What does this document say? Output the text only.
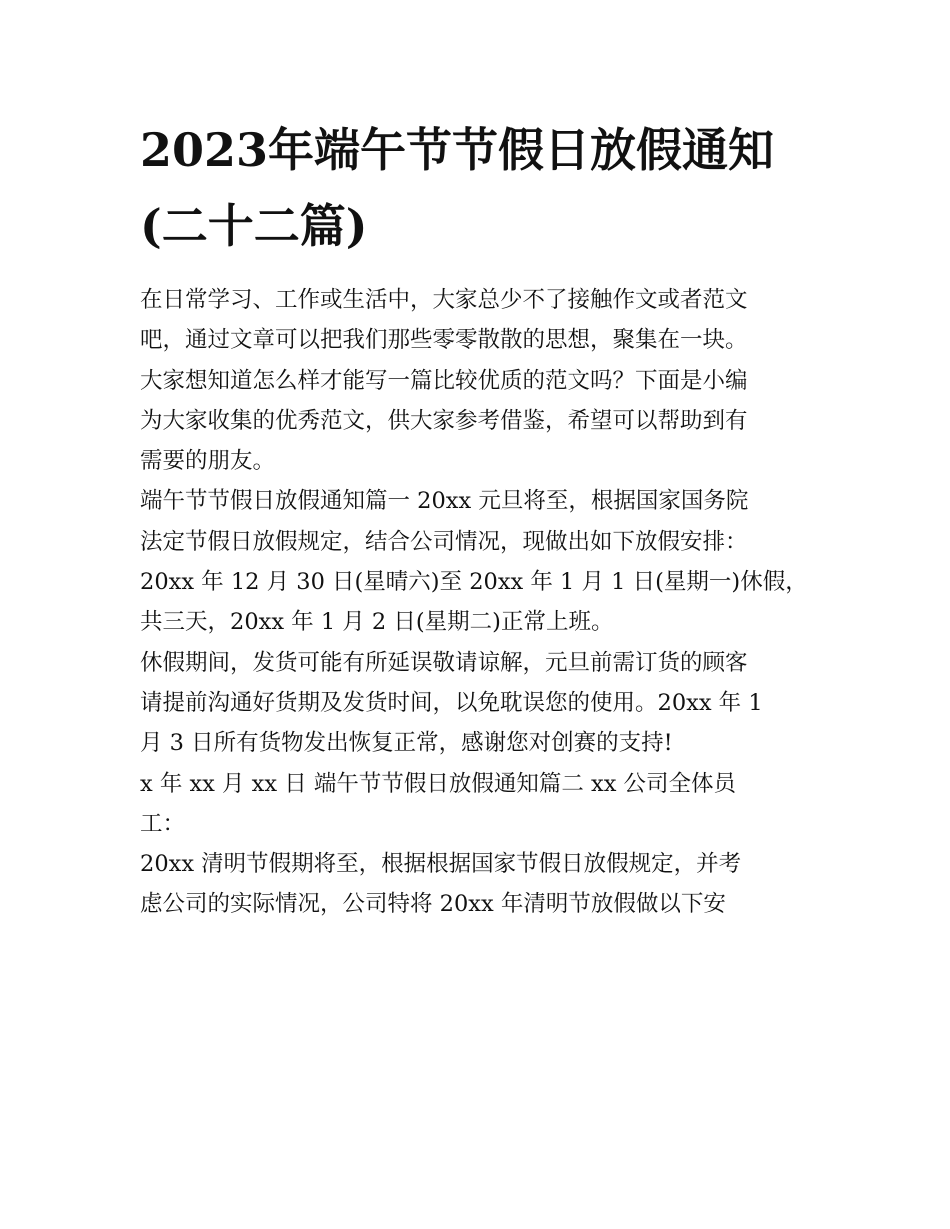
2023年端午节节假日放假通知
(二十二篇)
在日常学习、工作或生活中，大家总少不了接触作文或者范文
吧，通过文章可以把我们那些零零散散的思想，聚集在一块。
大家想知道怎么样才能写一篇比较优质的范文吗？下面是小编
为大家收集的优秀范文，供大家参考借鉴，希望可以帮助到有
需要的朋友。
端午节节假日放假通知篇一 20xx 元旦将至，根据国家国务院
法定节假日放假规定，结合公司情况，现做出如下放假安排：
20xx 年 12 月 30 日(星晴六)至 20xx 年 1 月 1 日(星期一)休假，
共三天，20xx 年 1 月 2 日(星期二)正常上班。
休假期间，发货可能有所延误敬请谅解，元旦前需订货的顾客
请提前沟通好货期及发货时间，以免耽误您的使用。20xx 年 1
月 3 日所有货物发出恢复正常，感谢您对创赛的支持!
x 年 xx 月 xx 日 端午节节假日放假通知篇二 xx 公司全体员
工：
20xx 清明节假期将至，根据根据国家节假日放假规定，并考
虑公司的实际情况，公司特将 20xx 年清明节放假做以下安
